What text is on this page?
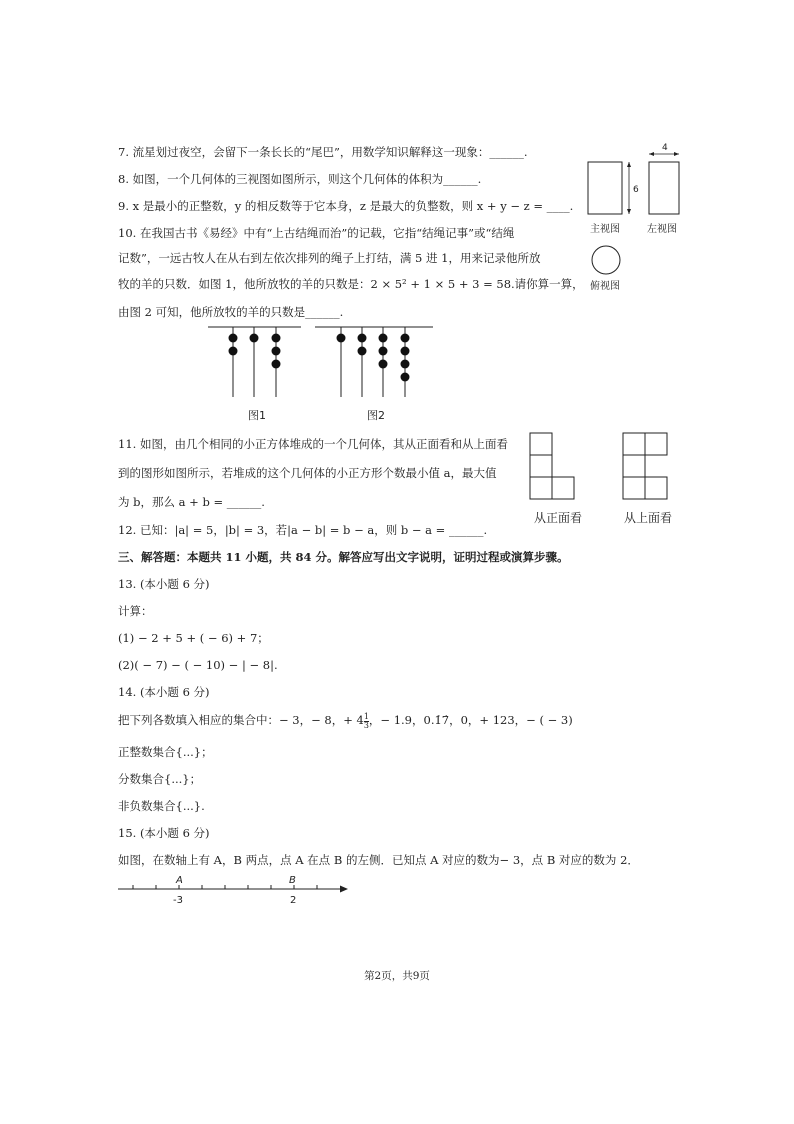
7. 流星划过夜空，会留下一条长长的“尾巴”，用数学知识解释这一现象：______.
8. 如图，一个几何体的三视图如图所示，则这个几何体的体积为______.
9. x 是最小的正整数，y 的相反数等于它本身，z 是最大的负整数，则 x + y − z = ____.
10. 在我国古书《易经》中有“上古结绳而治”的记载，它指“结绳记事”或“结绳
记数”，一远古牧人在从右到左依次排列的绳子上打结，满 5 进 1，用来记录他所放
牧的羊的只数．如图 1，他所放牧的羊的只数是：2 × 5² + 1 × 5 + 3 = 58.请你算一算，
由图 2 可知，他所放牧的羊的只数是______.
6
4
主视图	左视图
俯视图
图1	图2
11. 如图，由几个相同的小正方体堆成的一个几何体，其从正面看和从上面看
到的图形如图所示，若堆成的这个几何体的小正方形个数最小值 a，最大值
为 b，那么 a + b = ______.
从正面看	从上面看
12. 已知：|a| = 5，|b| = 3，若|a − b| = b − a，则 b − a = ______.
三、解答题：本题共 11 小题，共 84 分。解答应写出文字说明，证明过程或演算步骤。
13. (本小题 6 分)
计算：
(1) − 2 + 5 + ( − 6) + 7；
(2)( − 7) − ( − 10) − | − 8|.
14. (本小题 6 分)
把下列各数填入相应的集合中：− 3，− 8，+ $4 \frac{1}{3}$ ，− 1.9，0.1̇7̇，0，+ 123，− ( − 3)
正整数集合{...}；
分数集合{...}；
非负数集合{...}.
15. (本小题 6 分)
如图，在数轴上有 A，B 两点，点 A 在点 B 的左侧．已知点 A 对应的数为− 3，点 B 对应的数为 2．
A	B
-3	2
第2页，共9页
